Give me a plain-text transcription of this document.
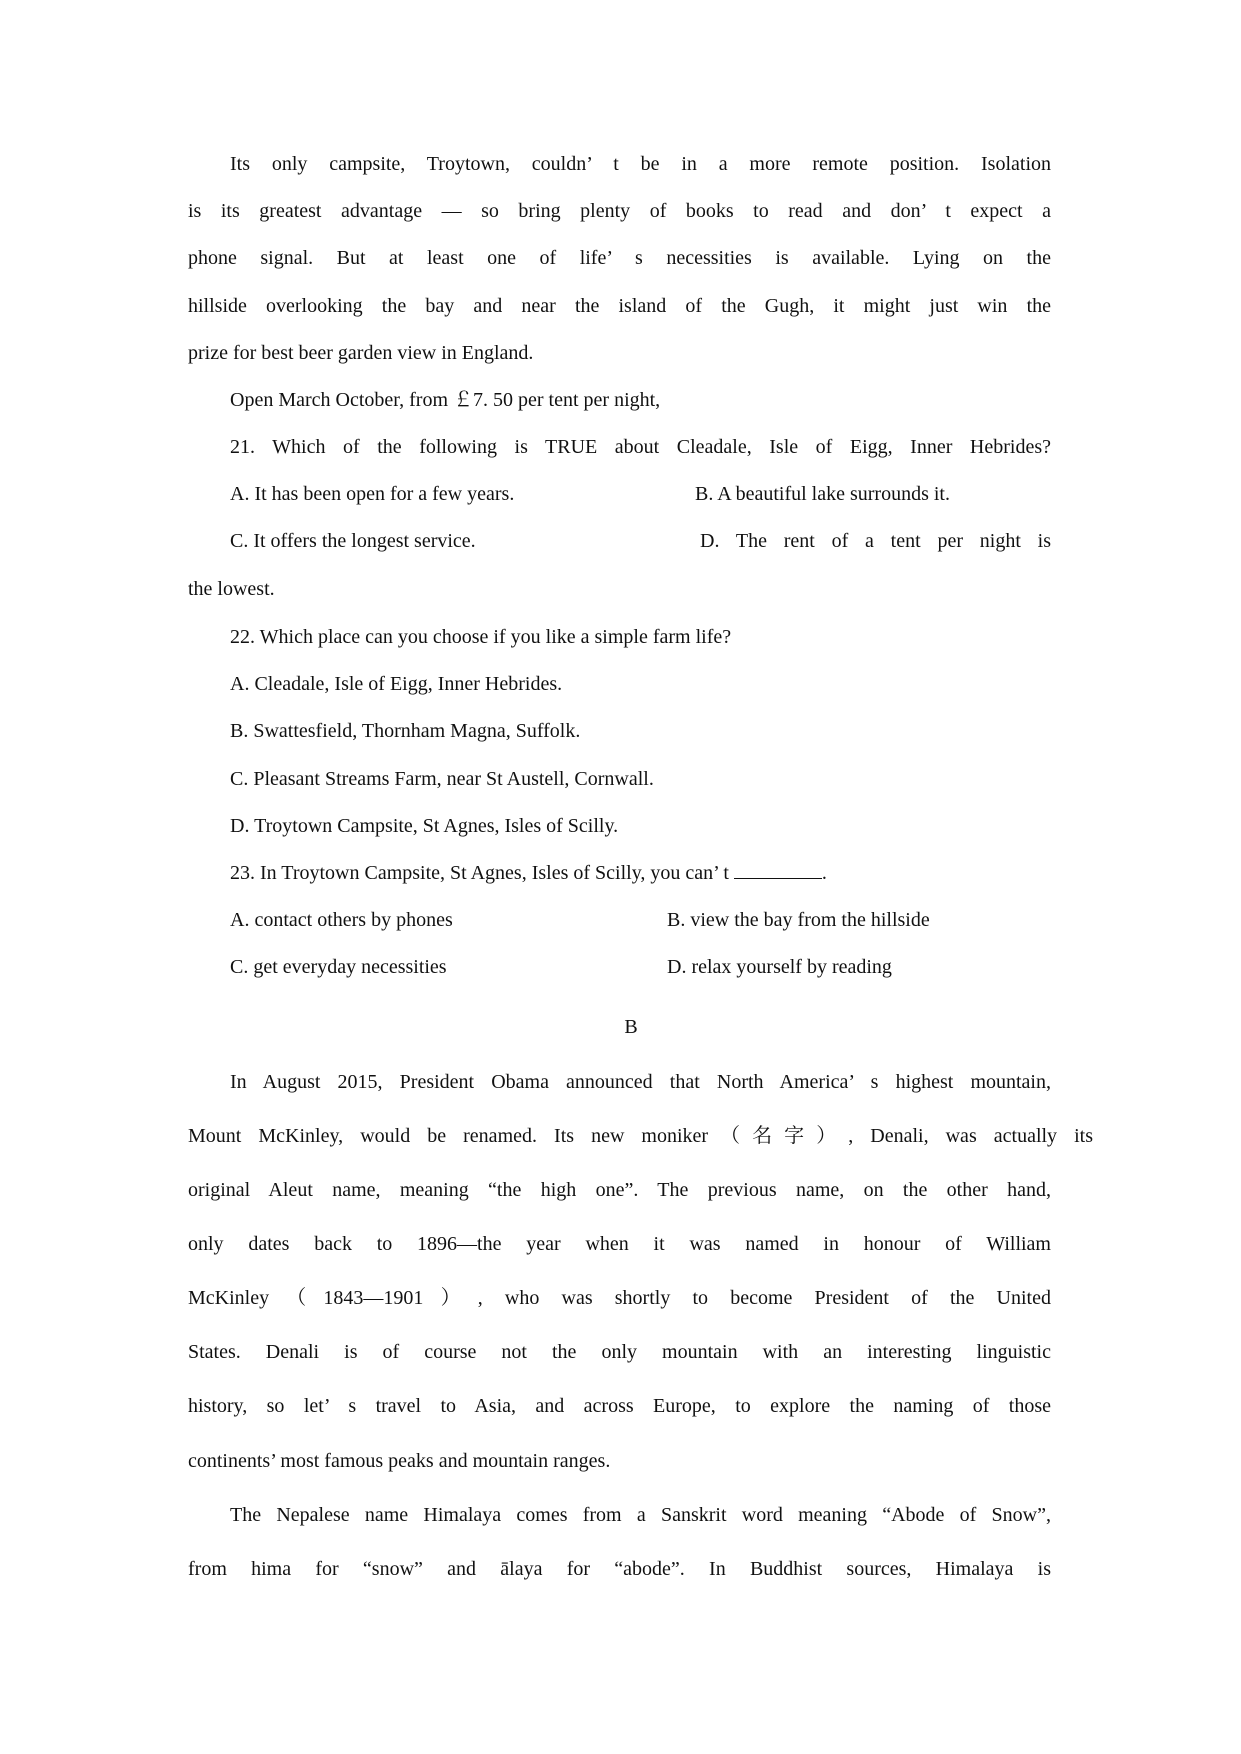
Its only campsite, Troytown, couldn’ t be in a more remote position. Isolation
is its greatest advantage — so bring plenty of books to read and don’ t expect a
phone signal. But at least one of life’ s necessities is available. Lying on the
hillside overlooking the bay and near the island of the Gugh, it might just win the
prize for best beer garden view in England.
Open March October, from ￡7. 50 per tent per night,
21. Which of the following is TRUE about Cleadale, Isle of Eigg, Inner Hebrides?
A. It has been open for a few years.	B. A beautiful lake surrounds it.
C. It offers the longest service.	D. The rent of a tent per night is
the lowest.
22. Which place can you choose if you like a simple farm life?
A. Cleadale, Isle of Eigg, Inner Hebrides.
B. Swattesfield, Thornham Magna, Suffolk.
C. Pleasant Streams Farm, near St Austell, Cornwall.
D. Troytown Campsite, St Agnes, Isles of Scilly.
23. In Troytown Campsite, St Agnes, Isles of Scilly, you can’ t	.
A. contact others by phones	B. view the bay from the hillside
C. get everyday necessities	D. relax yourself by reading
B
In August 2015, President Obama announced that North America’ s highest mountain,
Mount McKinley, would be renamed. Its new moniker（名字）, Denali, was actually its
original Aleut name, meaning “the high one”. The previous name, on the other hand,
only dates back to 1896—the year when it was named in honour of William
McKinley（1843—1901）, who was shortly to become President of the United
States. Denali is of course not the only mountain with an interesting linguistic
history, so let’ s travel to Asia, and across Europe, to explore the naming of those
continents’ most famous peaks and mountain ranges.
The Nepalese name Himalaya comes from a Sanskrit word meaning “Abode of Snow”,
from hima for “snow” and ālaya for “abode”. In Buddhist sources, Himalaya is
